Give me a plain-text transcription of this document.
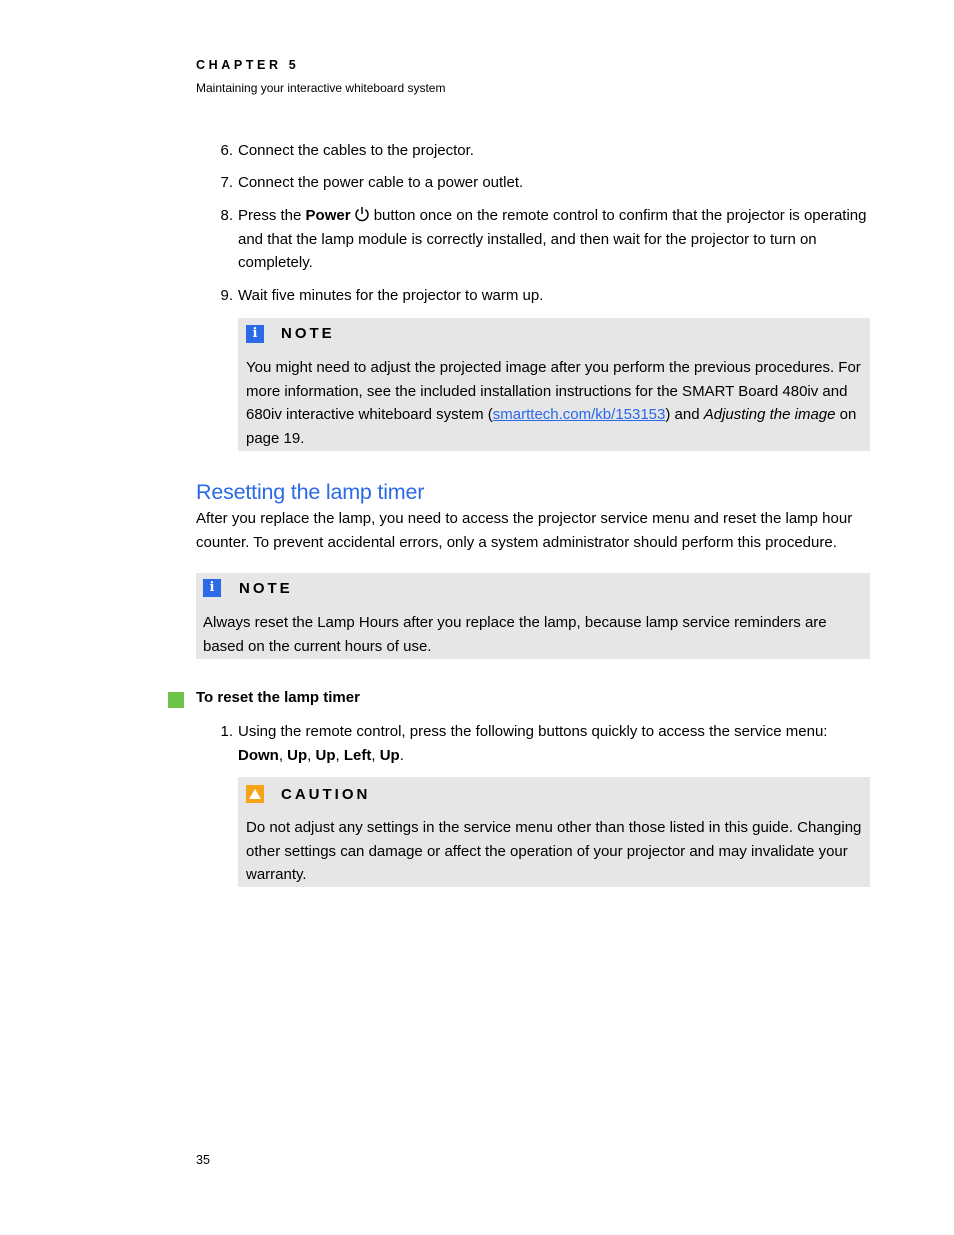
CHAPTER 5
Maintaining your interactive whiteboard system
6. Connect the cables to the projector.
7. Connect the power cable to a power outlet.
8. Press the Power button once on the remote control to confirm that the projector is operating and that the lamp module is correctly installed, and then wait for the projector to turn on completely.
9. Wait five minutes for the projector to warm up.
i	NOTE
You might need to adjust the projected image after you perform the previous procedures. For more information, see the included installation instructions for the SMART Board 480iv and 680iv interactive whiteboard system (smarttech.com/kb/153153) and Adjusting the image on page 19.
Resetting the lamp timer
After you replace the lamp, you need to access the projector service menu and reset the lamp hour counter. To prevent accidental errors, only a system administrator should perform this procedure.
i	NOTE
Always reset the Lamp Hours after you replace the lamp, because lamp service reminders are based on the current hours of use.
To reset the lamp timer
1. Using the remote control, press the following buttons quickly to access the service menu:
Down, Up, Up, Left, Up.
CAUTION
Do not adjust any settings in the service menu other than those listed in this guide. Changing other settings can damage or affect the operation of your projector and may invalidate your warranty.
35
